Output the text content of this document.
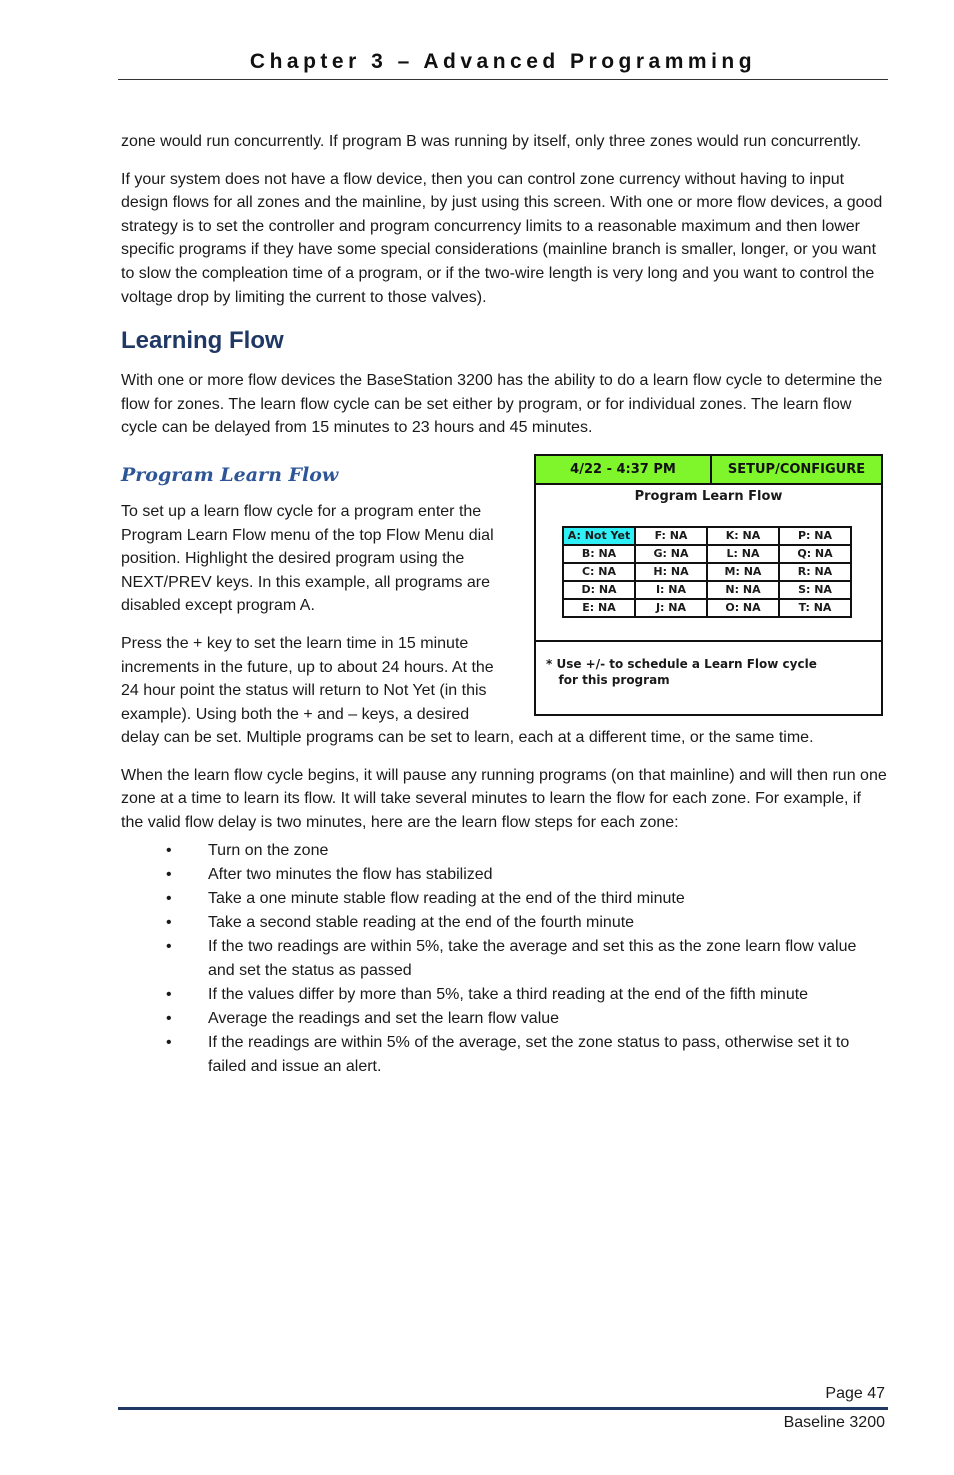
Chapter 3 – Advanced Programming

zone would run concurrently. If program B was running by itself, only three zones would run concurrently.

If your system does not have a flow device, then you can control zone currency without having to input design flows for all zones and the mainline, by just using this screen. With one or more flow devices, a good strategy is to set the controller and program concurrency limits to a reasonable maximum and then lower specific programs if they have some special considerations (mainline branch is smaller, longer, or you want to slow the compleation time of a program, or if the two-wire length is very long and you want to control the voltage drop by limiting the current to those valves).

Learning Flow

With one or more flow devices the BaseStation 3200 has the ability to do a learn flow cycle to determine the flow for zones. The learn flow cycle can be set either by program, or for individual zones. The learn flow cycle can be delayed from 15 minutes to 23 hours and 45 minutes.

4/22 - 4:37 PM	SETUP/CONFIGURE
Program Learn Flow
A: Not Yet	F: NA	K: NA	P: NA
B: NA	G: NA	L: NA	Q: NA
C: NA	H: NA	M: NA	R: NA
D: NA	I: NA	N: NA	S: NA
E: NA	J: NA	O: NA	T: NA
* Use +/- to schedule a Learn Flow cycle
for this program
Program Learn Flow

To set up a learn flow cycle for a program enter the Program Learn Flow menu of the top Flow Menu dial position. Highlight the desired program using the NEXT/PREV keys. In this example, all programs are disabled except program A.

Press the + key to set the learn time in 15 minute increments in the future, up to about 24 hours. At the 24 hour point the status will return to Not Yet (in this example). Using both the + and – keys, a desired delay can be set. Multiple programs can be set to learn, each at a different time, or the same time.

When the learn flow cycle begins, it will pause any running programs (on that mainline) and will then run one zone at a time to learn its flow. It will take several minutes to learn the flow for each zone. For example, if the valid flow delay is two minutes, here are the learn flow steps for each zone:

• Turn on the zone
• After two minutes the flow has stabilized
• Take a one minute stable flow reading at the end of the third minute
• Take a second stable reading at the end of the fourth minute
• If the two readings are within 5%, take the average and set this as the zone learn flow value and set the status as passed
• If the values differ by more than 5%, take a third reading at the end of the fifth minute
• Average the readings and set the learn flow value
• If the readings are within 5% of the average, set the zone status to pass, otherwise set it to failed and issue an alert.
Page 47
Baseline 3200
